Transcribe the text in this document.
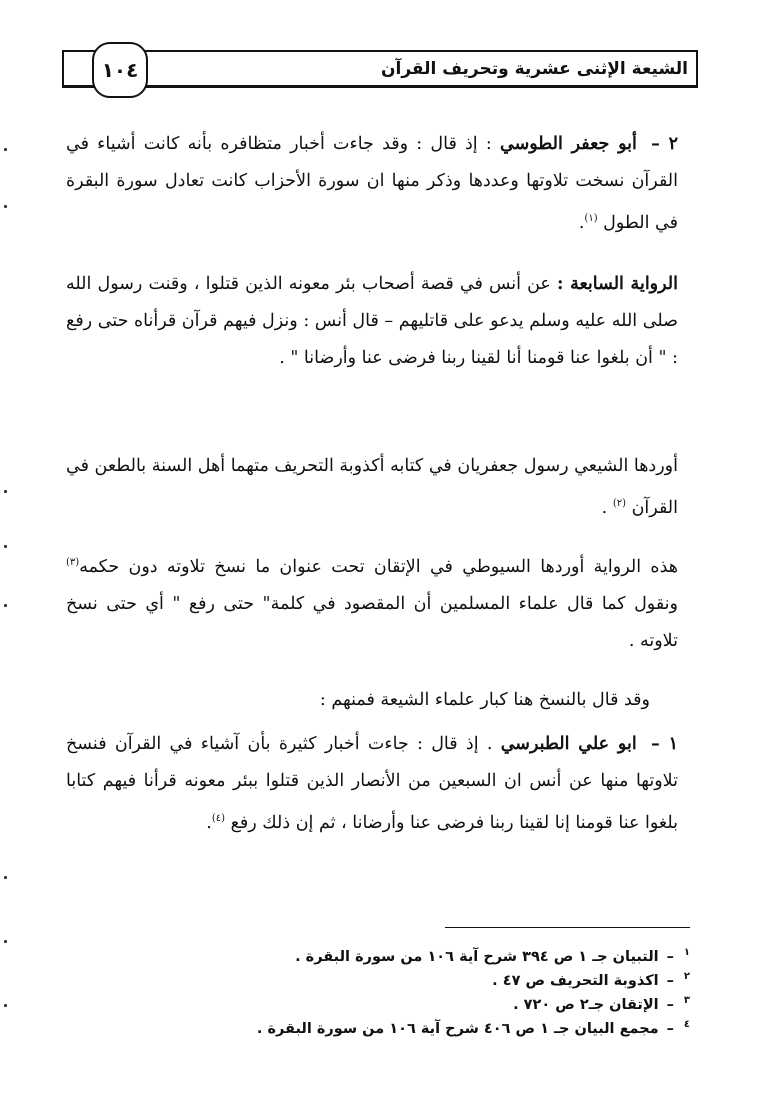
الشيعة الإثنى عشرية وتحريف القرآن
١٠٤
٢ – أبو جعفر الطوسي : إذ قال : وقد جاءت أخبار متظافره بأنه كانت أشياء في القرآن نسخت تلاوتها وعددها وذكر منها ان سورة الأحزاب كانت تعادل سورة البقرة في الطول $^{(١)}$.
الرواية السابعة : عن أنس في قصة أصحاب بئر معونه الذين قتلوا ، وقنت رسول الله صلى الله عليه وسلم يدعو على قاتليهم – قال أنس : ونزل فيهم قرآن قرأناه حتى رفع : " أن بلغوا عنا قومنا أنا لقينا ربنا فرضى عنا وأرضانا " .
أوردها الشيعي رسول جعفريان في كتابه أكذوبة التحريف متهما أهل السنة بالطعن في القرآن $^{(٢)}$ .
هذه الرواية أوردها السيوطي في الإتقان تحت عنوان ما نسخ تلاوته دون حكمه$^{(٣)}$ ونقول كما قال علماء المسلمين أن المقصود في كلمة" حتى رفع " أي حتى نسخ تلاوته .
وقد قال بالنسخ هنا كبار علماء الشيعة فمنهم :
١ – ابو علي الطبرسي . إذ قال : جاءت أخبار كثيرة بأن آشياء في القرآن فنسخ تلاوتها منها عن أنس ان السبعين من الأنصار الذين قتلوا ببئر معونه قرأنا فيهم كتابا بلغوا عنا قومنا إنا لقينا ربنا فرضى عنا وأرضانا ، ثم إن ذلك رفع $^{(٤)}$.
$^١$–التبيان جـ ١ ص ٣٩٤ شرح آية ١٠٦ من سورة البقرة .
$^٢$–اكذوبة التحريف ص ٤٧ .
$^٣$–الإتقان جـ٢ ص ٧٢٠ .
$^٤$–مجمع البيان جـ ١ ص ٤٠٦ شرح آية ١٠٦ من سورة البقرة .
